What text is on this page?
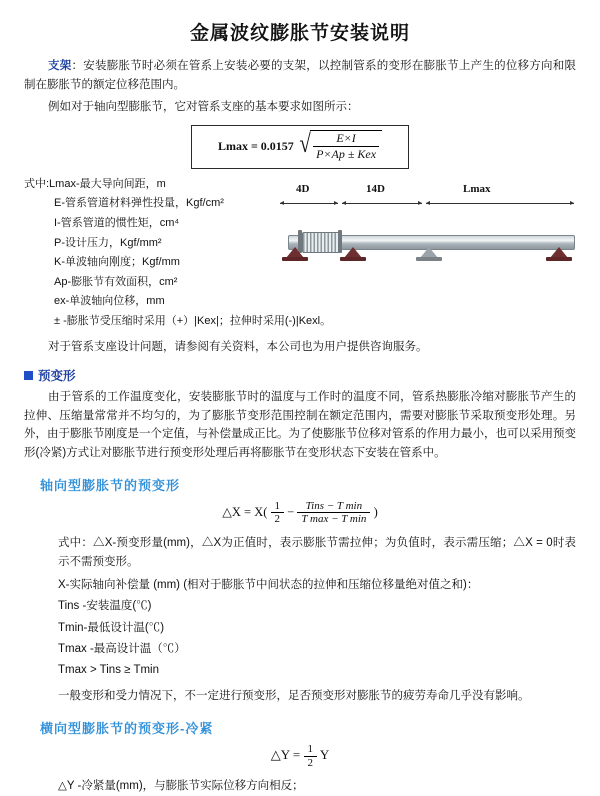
金属波纹膨胀节安装说明
支架：安装膨胀节时必须在管系上安装必要的支架，以控制管系的变形在膨胀节上产生的位移方向和限制在膨胀节的额定位移范围内。
例如对于轴向型膨胀节，它对管系支座的基本要求如图所示：
Lmax = 0.0157 √ $\frac{E\times I}{\text{P×Ap ± Kex}}$
4D	14D	Lmax
式中:Lmax-最大导向间距，m
E-管系管道材料弹性投量，Kgf/cm²
I-管系管道的惯性矩，cm⁴
P-设计压力，Kgf/mm²
K-单波轴向刚度；Kgf/mm
Ap-膨胀节有效面积，cm²
ex-单波轴向位移，mm
± -膨胀节受压缩时采用（+）|Kex|；拉伸时采用(-)|Kexl。
对于管系支座设计问题，请参阅有关资料，本公司也为用户提供咨询服务。
预变形
由于管系的工作温度变化，安装膨胀节时的温度与工作时的温度不同，管系热膨胀冷缩对膨胀节产生的拉伸、压缩量常常并不均匀的，为了膨胀节变形范围控制在额定范围内，需要对膨胀节采取预变形处理。另外，由于膨胀节刚度是一个定值，与补偿量成正比。为了使膨胀节位移对管系的作用力最小，也可以采用预变形(冷紧)方式让对膨胀节进行预变形处理后再将膨胀节在变形状态下安装在管系中。
轴向型膨胀节的预变形
△X = $X( \frac{1}{2} - \frac{\text{Tins − T min}}{\text{T max − T min}}$ )
式中：△X-预变形量(mm)，△X为正值时，表示膨胀节需拉伸；为负值时，表示需压缩；△X = 0时表示不需预变形。
X-实际轴向补偿量 (mm) (相对于膨胀节中间状态的拉伸和压缩位移量绝对值之和)：
Tins -安装温度(℃)
Tmin-最低设计温(℃)
Tmax -最高设计温（℃）
Tmax > Tins ≥ Tmin
一般变形和受力情况下，不一定进行预变形，足否预变形对膨胀节的疲劳寿命几乎没有影响。
横向型膨胀节的预变形-冷紧
△Y = $\frac{1}{2}$ Y
△Y -冷紧量(mm)，与膨胀节实际位移方向相反；
